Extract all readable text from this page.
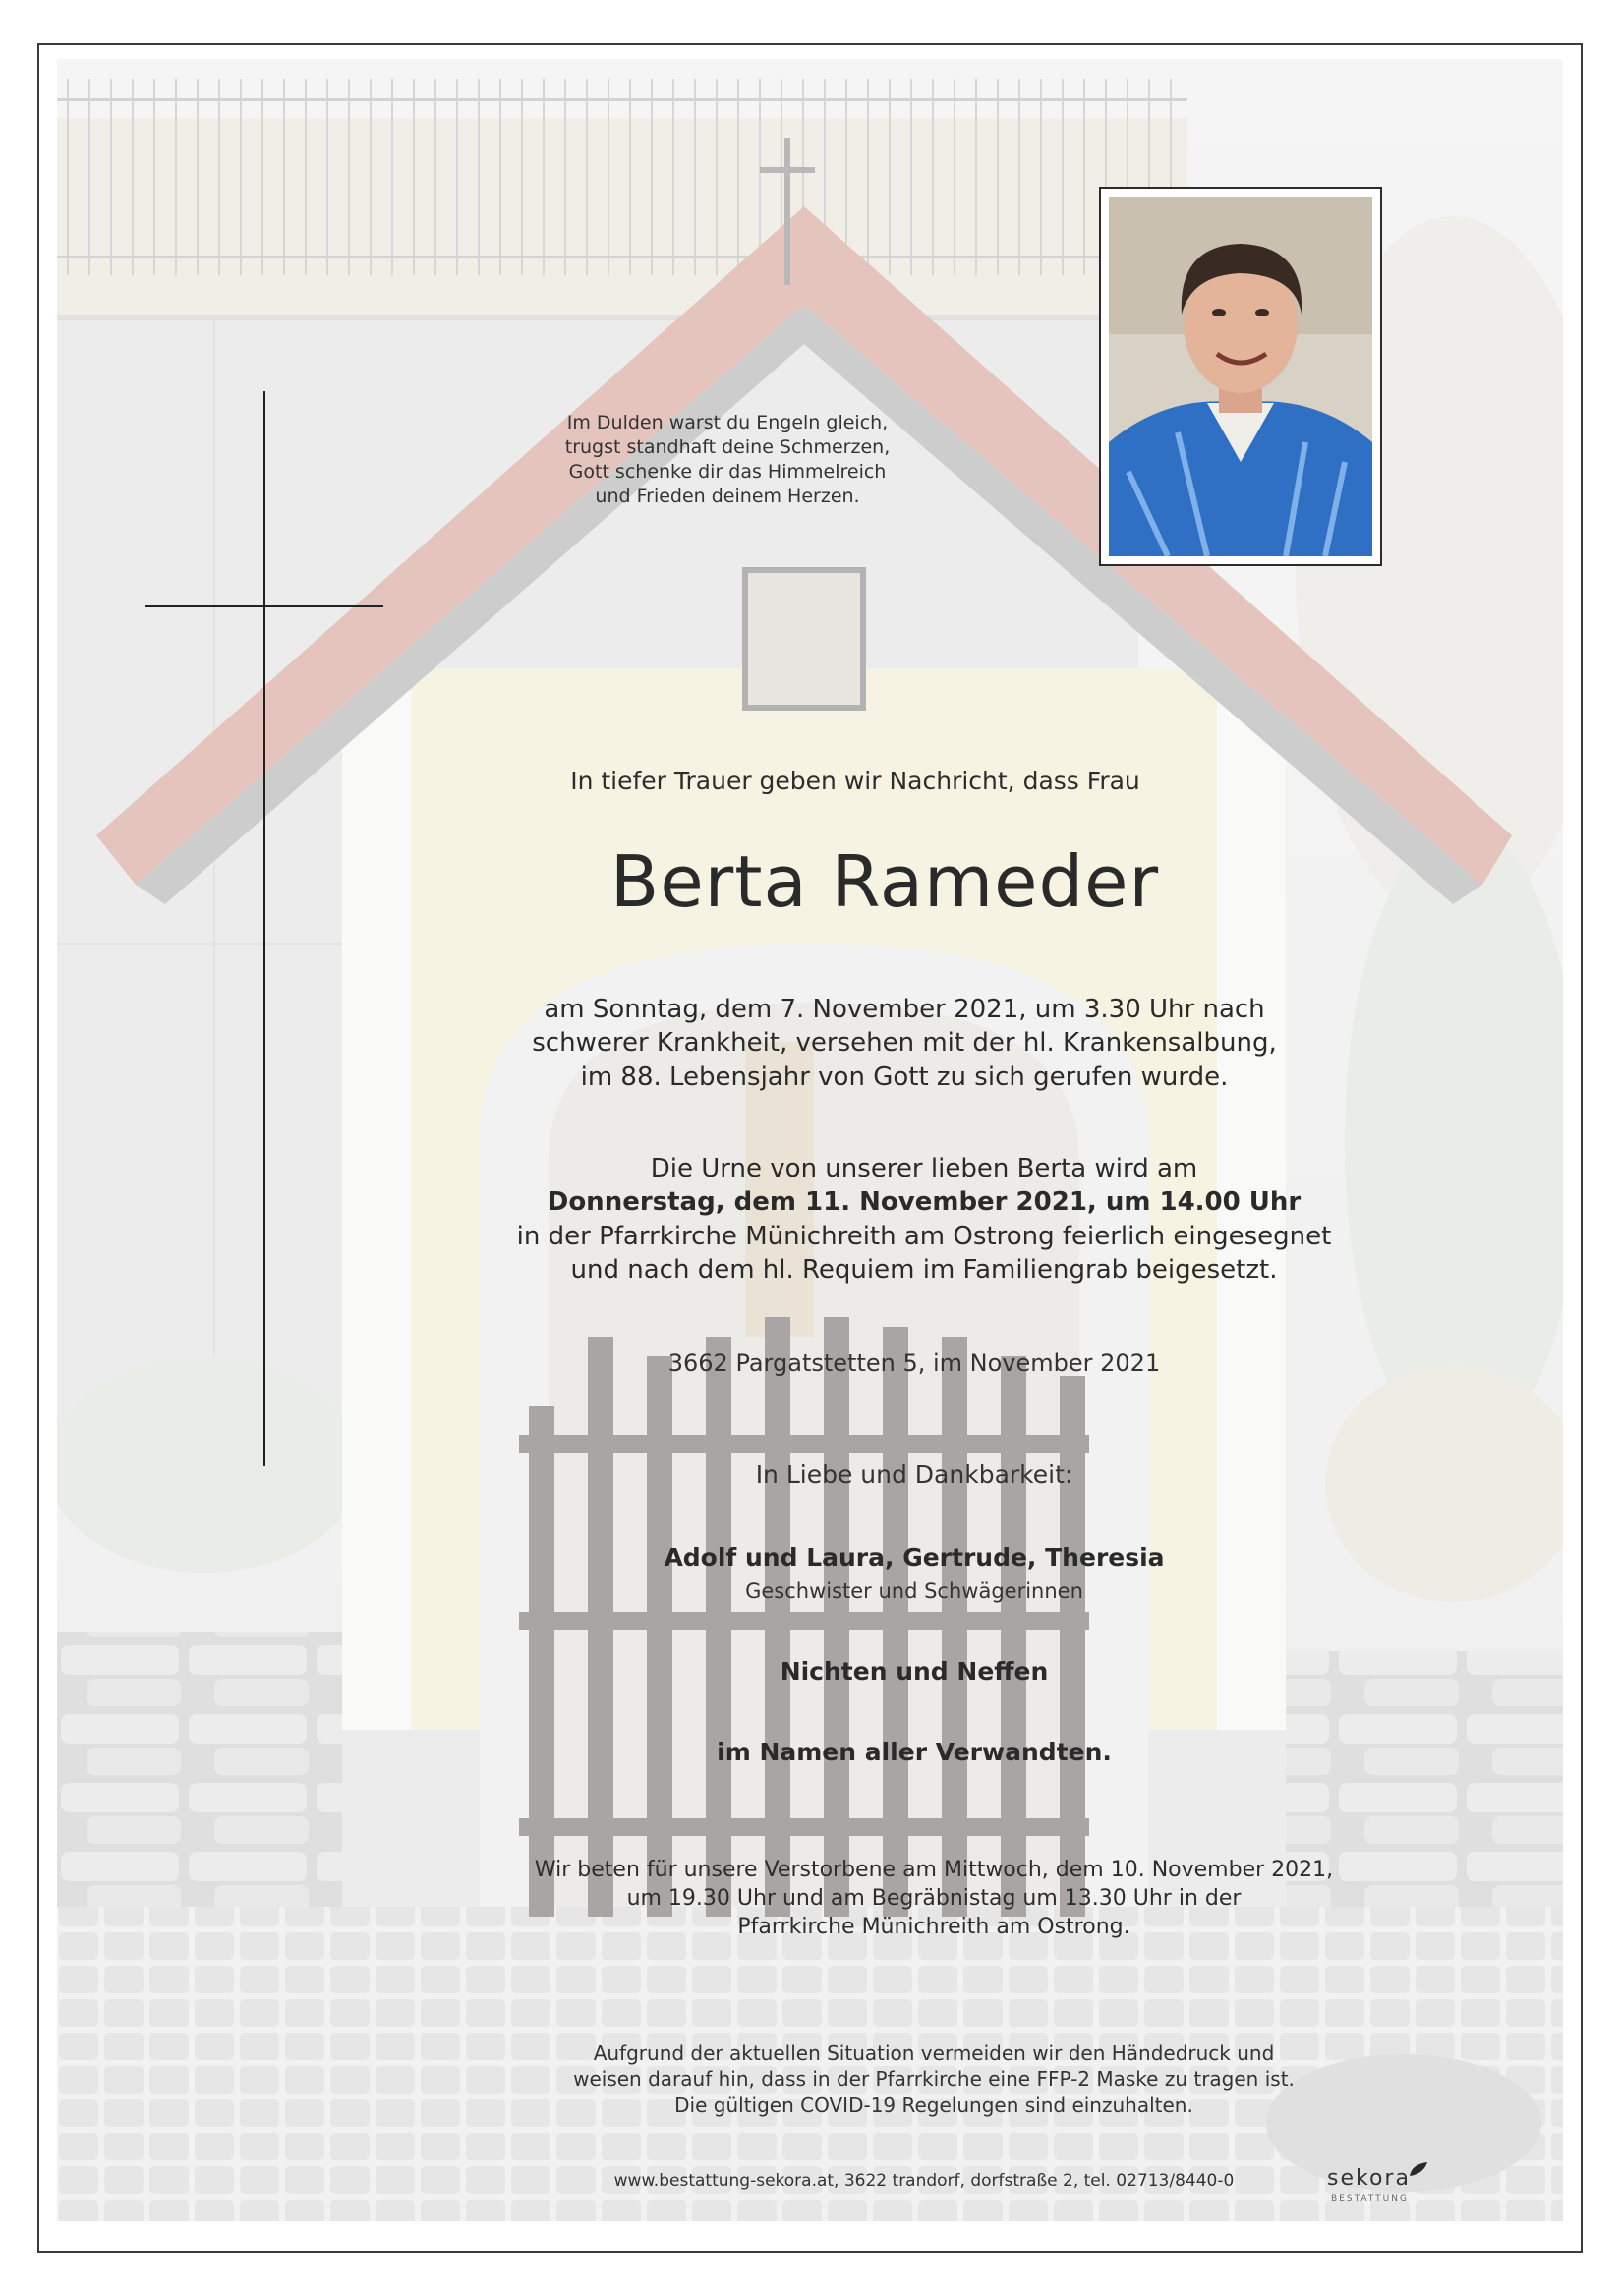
Im Dulden warst du Engeln gleich,
trugst standhaft deine Schmerzen,
Gott schenke dir das Himmelreich
und Frieden deinem Herzen.
In tiefer Trauer geben wir Nachricht, dass Frau
Berta Rameder
am Sonntag, dem 7. November 2021, um 3.30 Uhr nach
schwerer Krankheit, versehen mit der hl. Krankensalbung,
im 88. Lebensjahr von Gott zu sich gerufen wurde.
Die Urne von unserer lieben Berta wird am
Donnerstag, dem 11. November 2021, um 14.00 Uhr
in der Pfarrkirche Münichreith am Ostrong feierlich eingesegnet
und nach dem hl. Requiem im Familiengrab beigesetzt.
3662 Pargatstetten 5, im November 2021
In Liebe und Dankbarkeit:
Adolf und Laura, Gertrude, Theresia
Geschwister und Schwägerinnen
Nichten und Neffen
im Namen aller Verwandten.
Wir beten für unsere Verstorbene am Mittwoch, dem 10. November 2021,
um 19.30 Uhr und am Begräbnistag um 13.30 Uhr in der
Pfarrkirche Münichreith am Ostrong.
Aufgrund der aktuellen Situation vermeiden wir den Händedruck und
weisen darauf hin, dass in der Pfarrkirche eine FFP-2 Maske zu tragen ist.
Die gültigen COVID-19 Regelungen sind einzuhalten.
www.bestattung-sekora.at, 3622 trandorf, dorfstraße 2, tel. 02713/8440-0	sekora
BESTATTUNG
